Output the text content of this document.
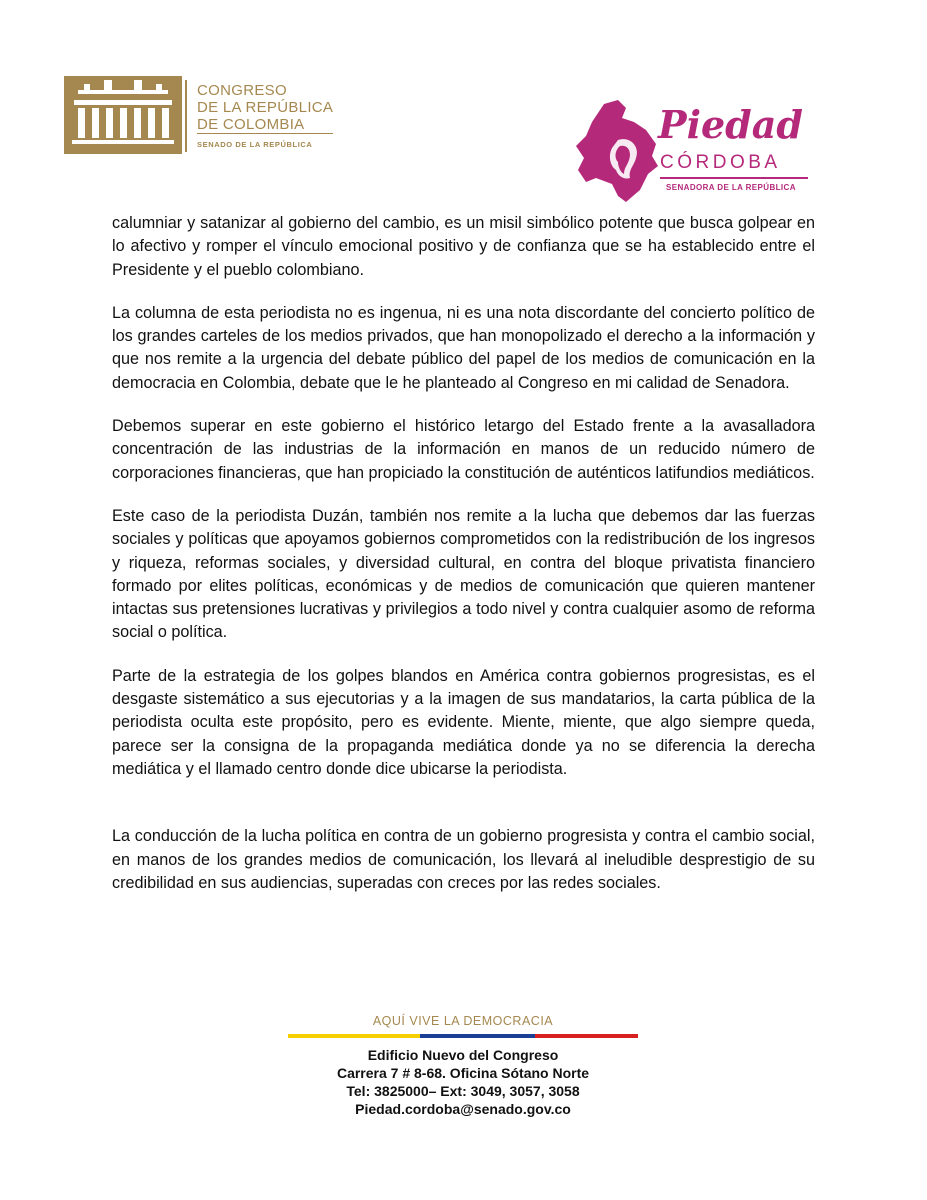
CONGRESO
DE LA REPÚBLICA
DE COLOMBIA
SENADO DE LA REPÚBLICA	Piedad
CÓRDOBA
SENADORA DE LA REPÚBLICA

calumniar y satanizar al gobierno del cambio, es un misil simbólico potente que busca golpear en lo afectivo y romper el vínculo emocional positivo y de confianza que se ha establecido entre el Presidente y el pueblo colombiano.

La columna de esta periodista no es ingenua, ni es una nota discordante del concierto político de los grandes carteles de los medios privados, que han monopolizado el derecho a la información y que nos remite a la urgencia del debate público del papel de los medios de comunicación en la democracia en Colombia, debate que le he planteado al Congreso en mi calidad de Senadora.

Debemos superar en este gobierno el histórico letargo del Estado frente a la avasalladora concentración de las industrias de la información en manos de un reducido número de corporaciones financieras, que han propiciado la constitución de auténticos latifundios mediáticos.

Este caso de la periodista Duzán, también nos remite a la lucha que debemos dar las fuerzas sociales y políticas que apoyamos gobiernos comprometidos con la redistribución de los ingresos y riqueza, reformas sociales, y diversidad cultural, en contra del bloque privatista financiero formado por elites políticas, económicas y de medios de comunicación que quieren mantener intactas sus pretensiones lucrativas y privilegios a todo nivel y contra cualquier asomo de reforma social o política.

Parte de la estrategia de los golpes blandos en América contra gobiernos progresistas, es el desgaste sistemático a sus ejecutorias y a la imagen de sus mandatarios, la carta pública de la periodista oculta este propósito, pero es evidente. Miente, miente, que algo siempre queda, parece ser la consigna de la propaganda mediática donde ya no se diferencia la derecha mediática y el llamado centro donde dice ubicarse la periodista.

La conducción de la lucha política en contra de un gobierno progresista y contra el cambio social, en manos de los grandes medios de comunicación, los llevará al ineludible desprestigio de su credibilidad en sus audiencias, superadas con creces por las redes sociales.

AQUÍ VIVE LA DEMOCRACIA
Edificio Nuevo del Congreso
Carrera 7 # 8-68. Oficina Sótano Norte
Tel: 3825000– Ext: 3049, 3057, 3058
Piedad.cordoba@senado.gov.co
